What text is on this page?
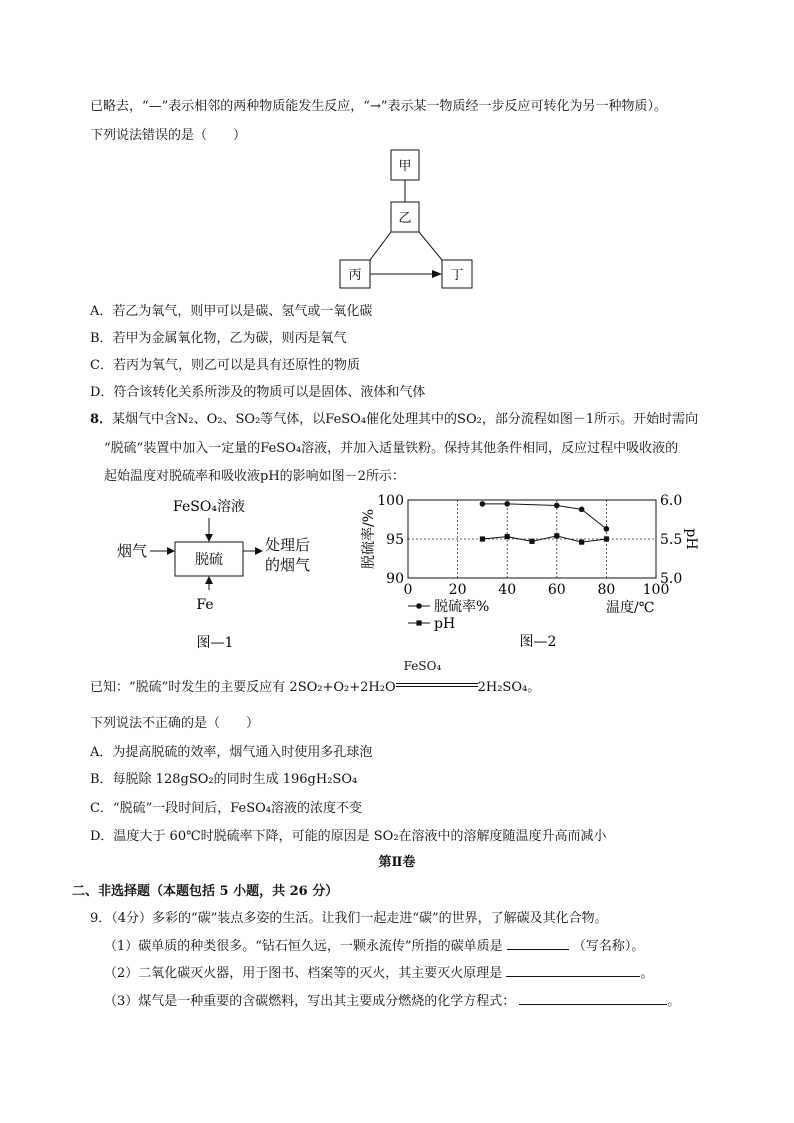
已略去，“—”表示相邻的两种物质能发生反应，“→”表示某一物质经一步反应可转化为另一种物质）。
下列说法错误的是（　　）
甲
乙
丙	丁
A．若乙为氧气，则甲可以是碳、氢气或一氧化碳
B．若甲为金属氧化物，乙为碳，则丙是氧气
C．若丙为氧气，则乙可以是具有还原性的物质
D．符合该转化关系所涉及的物质可以是固体、液体和气体
8．某烟气中含N₂、O₂、SO₂等气体，以FeSO₄催化处理其中的SO₂，部分流程如图－1所示。开始时需向
“脱硫”装置中加入一定量的FeSO₄溶液，并加入适量铁粉。保持其他条件相同，反应过程中吸收液的
起始温度对脱硫率和吸收液pH的影响如图－2所示：
FeSO₄溶液
脱硫
烟气	处理后
的烟气
Fe
图—1
0	20 40 60 80 100
90
95
100
5.0
5.5
6.0
脱硫率/%	pH
温度/℃
脱硫率%
pH
图—2
已知：“脱硫”时发生的主要反应有 2SO₂+O₂+2H₂O
FeSO₄
2H₂SO₄。
下列说法不正确的是（　　）
A．为提高脱硫的效率，烟气通入时使用多孔球泡
B．每脱除 128gSO₂的同时生成 196gH₂SO₄
C．“脱硫”一段时间后，FeSO₄溶液的浓度不变
D．温度大于 60℃时脱硫率下降，可能的原因是 SO₂在溶液中的溶解度随温度升高而减小
第Ⅱ卷
二、非选择题（本题包括 5 小题，共 26 分）
9．（4分）多彩的“碳”装点多姿的生活。让我们一起走进“碳”的世界，了解碳及其化合物。
（1）碳单质的种类很多。“钻石恒久远，一颗永流传”所指的碳单质是	（写名称）。
（2）二氧化碳灭火器，用于图书、档案等的灭火，其主要灭火原理是	。
（3）煤气是一种重要的含碳燃料，写出其主要成分燃烧的化学方程式：	。
